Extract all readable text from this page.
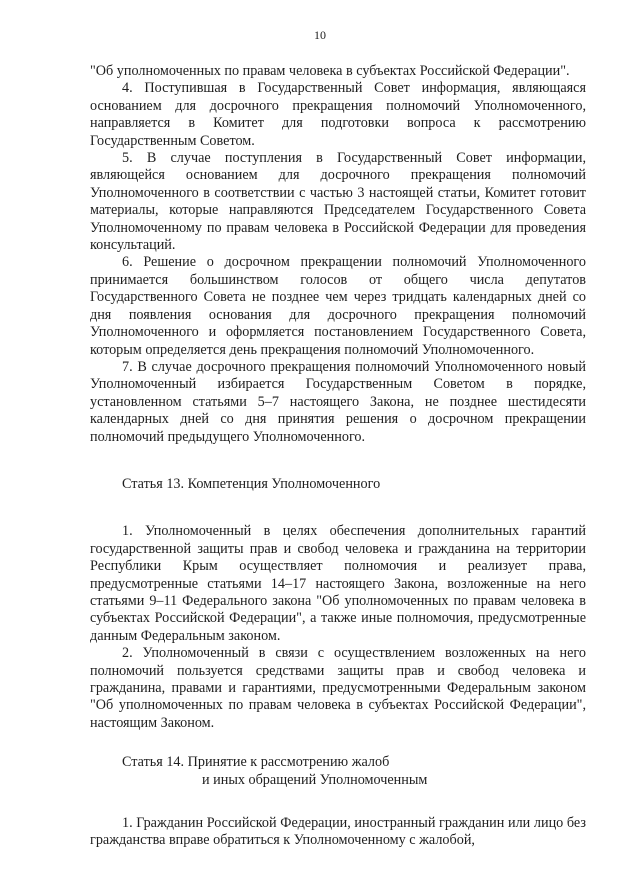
10

"Об уполномоченных по правам человека в субъектах Российской Федерации".

4. Поступившая в Государственный Совет информация, являющаяся основанием для досрочного прекращения полномочий Уполномоченного, направляется в Комитет для подготовки вопроса к рассмотрению Государственным Советом.

5. В случае поступления в Государственный Совет информации, являющейся основанием для досрочного прекращения полномочий Уполномоченного в соответствии с частью 3 настоящей статьи, Комитет готовит материалы, которые направляются Председателем Государственного Совета Уполномоченному по правам человека в Российской Федерации для проведения консультаций.

6. Решение о досрочном прекращении полномочий Уполномоченного принимается большинством голосов от общего числа депутатов Государственного Совета не позднее чем через тридцать календарных дней со дня появления основания для досрочного прекращения полномочий Уполномоченного и оформляется постановлением Государственного Совета, которым определяется день прекращения полномочий Уполномоченного.

7. В случае досрочного прекращения полномочий Уполномоченного новый Уполномоченный избирается Государственным Советом в порядке, установленном статьями 5–7 настоящего Закона, не позднее шестидесяти календарных дней со дня принятия решения о досрочном прекращении полномочий предыдущего Уполномоченного.

Статья 13. Компетенция Уполномоченного

1. Уполномоченный в целях обеспечения дополнительных гарантий государственной защиты прав и свобод человека и гражданина на территории Республики Крым осуществляет полномочия и реализует права, предусмотренные статьями 14–17 настоящего Закона, возложенные на него статьями 9–11 Федерального закона "Об уполномоченных по правам человека в субъектах Российской Федерации", а также иные полномочия, предусмотренные данным Федеральным законом.

2. Уполномоченный в связи с осуществлением возложенных на него полномочий пользуется средствами защиты прав и свобод человека и гражданина, правами и гарантиями, предусмотренными Федеральным законом "Об уполномоченных по правам человека в субъектах Российской Федерации", настоящим Законом.

Статья 14. Принятие к рассмотрению жалоб
и иных обращений Уполномоченным

1. Гражданин Российской Федерации, иностранный гражданин или лицо без гражданства вправе обратиться к Уполномоченному с жалобой,
